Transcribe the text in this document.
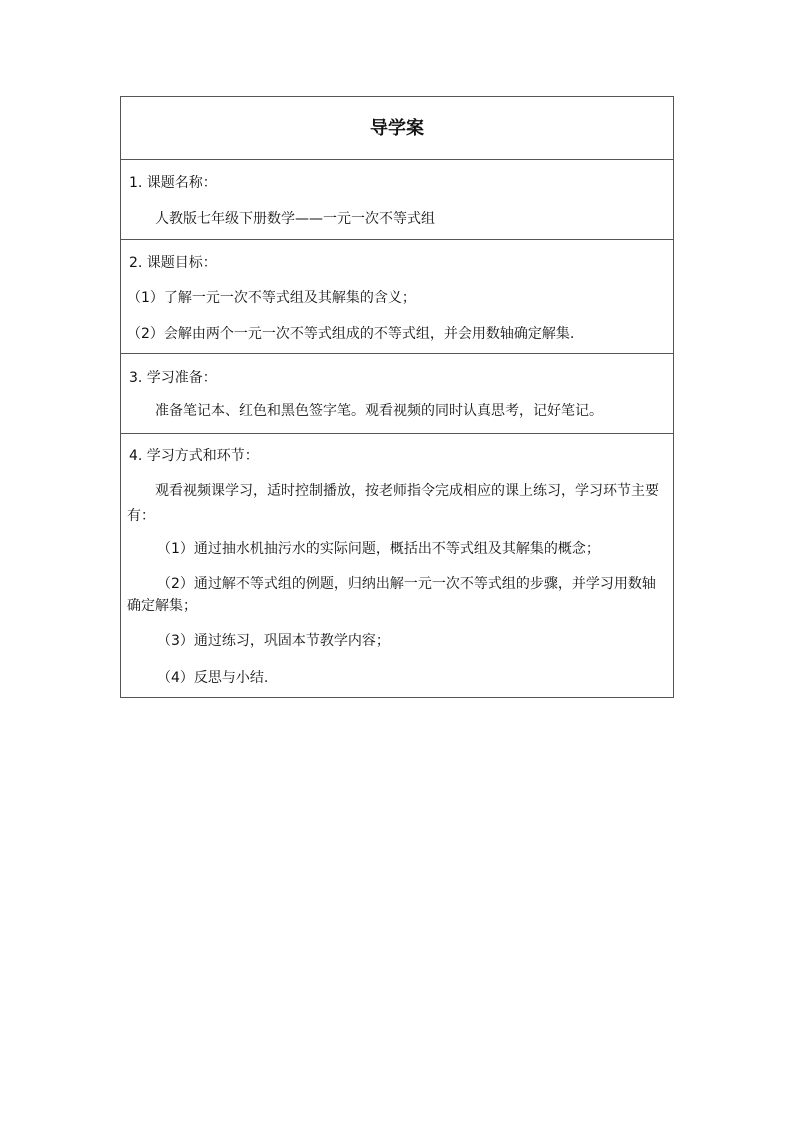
导学案
1. 课题名称：
人教版七年级下册数学——一元一次不等式组
2. 课题目标：
（1）了解一元一次不等式组及其解集的含义；
（2）会解由两个一元一次不等式组成的不等式组，并会用数轴确定解集.
3. 学习准备：
准备笔记本、红色和黑色签字笔。观看视频的同时认真思考，记好笔记。
4. 学习方式和环节：
观看视频课学习，适时控制播放，按老师指令完成相应的课上练习，学习环节主要
有：
（1）通过抽水机抽污水的实际问题，概括出不等式组及其解集的概念；
（2）通过解不等式组的例题，归纳出解一元一次不等式组的步骤，并学习用数轴
确定解集；
（3）通过练习，巩固本节教学内容；
（4）反思与小结.
